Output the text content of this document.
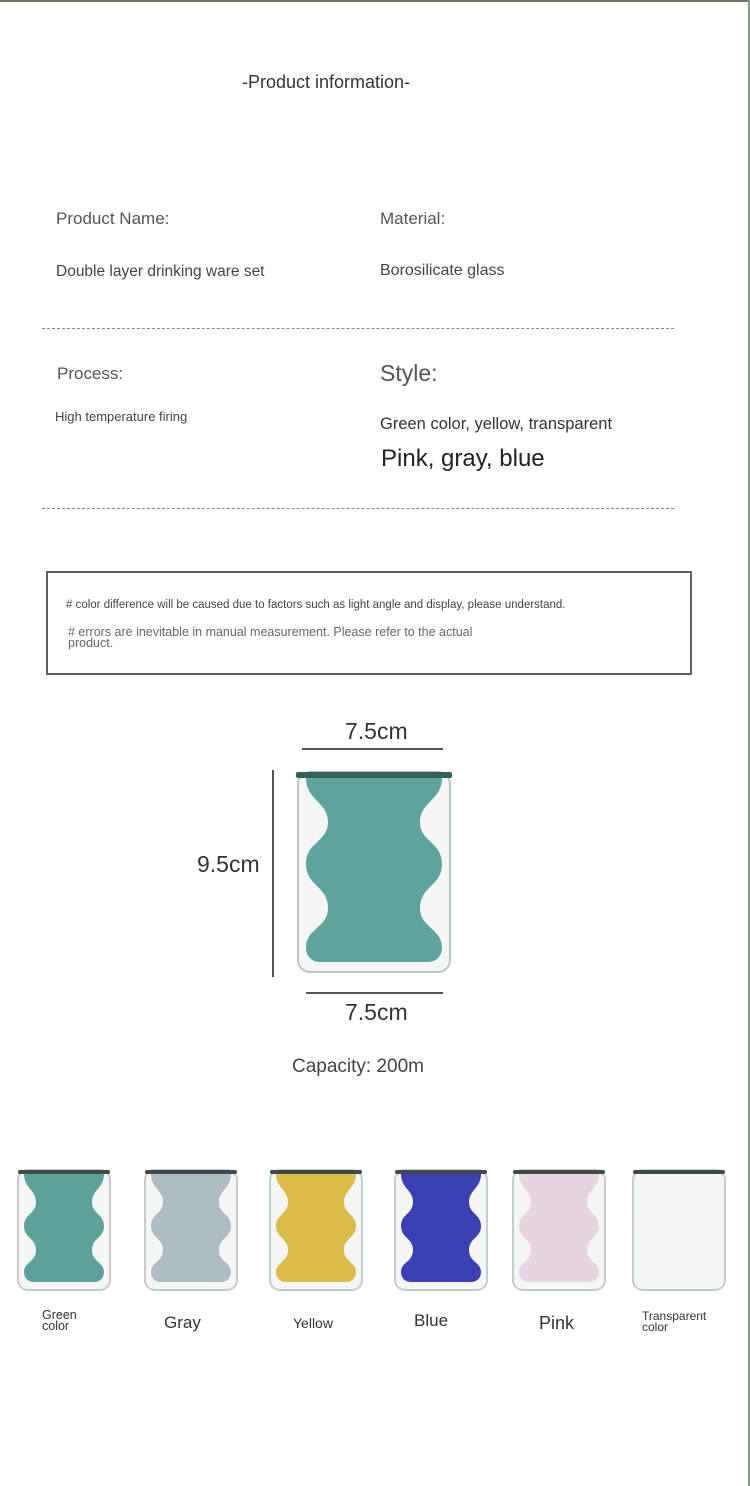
-Product information-
Product Name:	Material:
Double layer drinking ware set	Borosilicate glass
Process:	Style:
High temperature firing	Green color, yellow, transparent
Pink, gray, blue
# color difference will be caused due to factors such as light angle and display, please understand.
# errors are inevitable in manual measurement. Please refer to the actual product.
7.5cm
9.5cm
7.5cm
Capacity: 200m
Green color	Gray	Yellow	Blue	Pink	Transparent color
